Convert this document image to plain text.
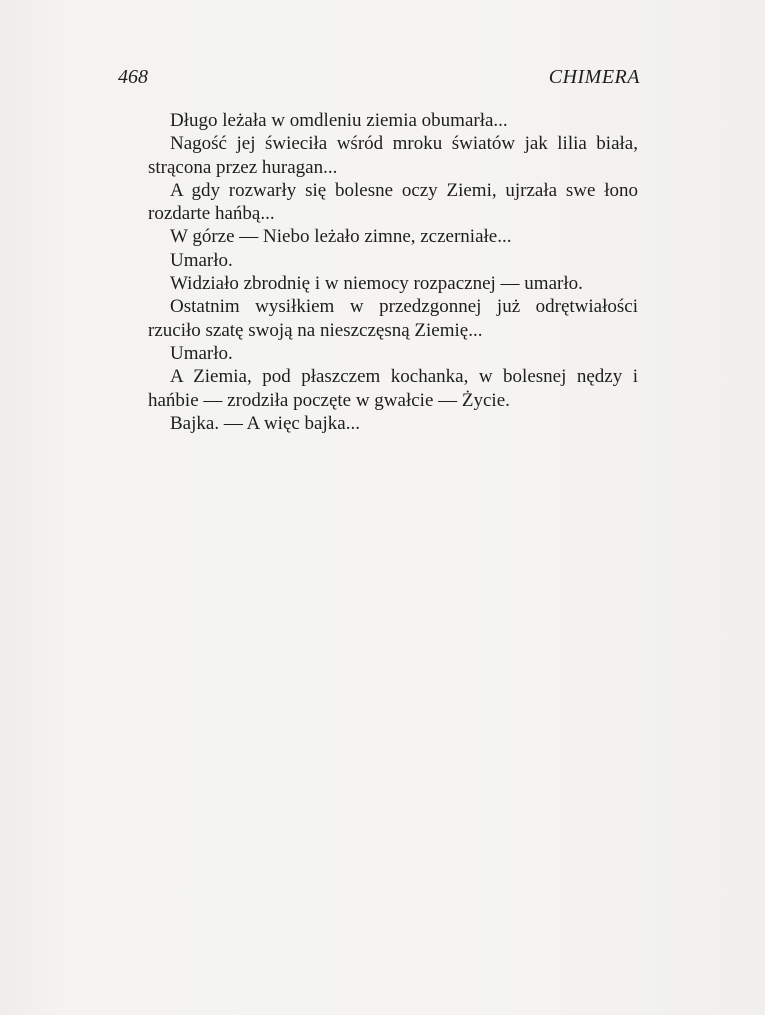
468	CHIMERA

Długo leżała w omdleniu ziemia obumarła...

Nagość jej świeciła wśród mroku światów jak lilia biała, strącona przez huragan...

A gdy rozwarły się bolesne oczy Ziemi, ujrzała swe łono rozdarte hańbą...

W górze — Niebo leżało zimne, zczerniałe...

Umarło.

Widziało zbrodnię i w niemocy rozpacznej — umarło.

Ostatnim wysiłkiem w przedzgonnej już odrętwiałości rzuciło szatę swoją na nieszczęsną Ziemię...

Umarło.

A Ziemia, pod płaszczem kochanka, w bolesnej nędzy i hańbie — zrodziła poczęte w gwałcie — Życie.

Bajka. — A więc bajka...
